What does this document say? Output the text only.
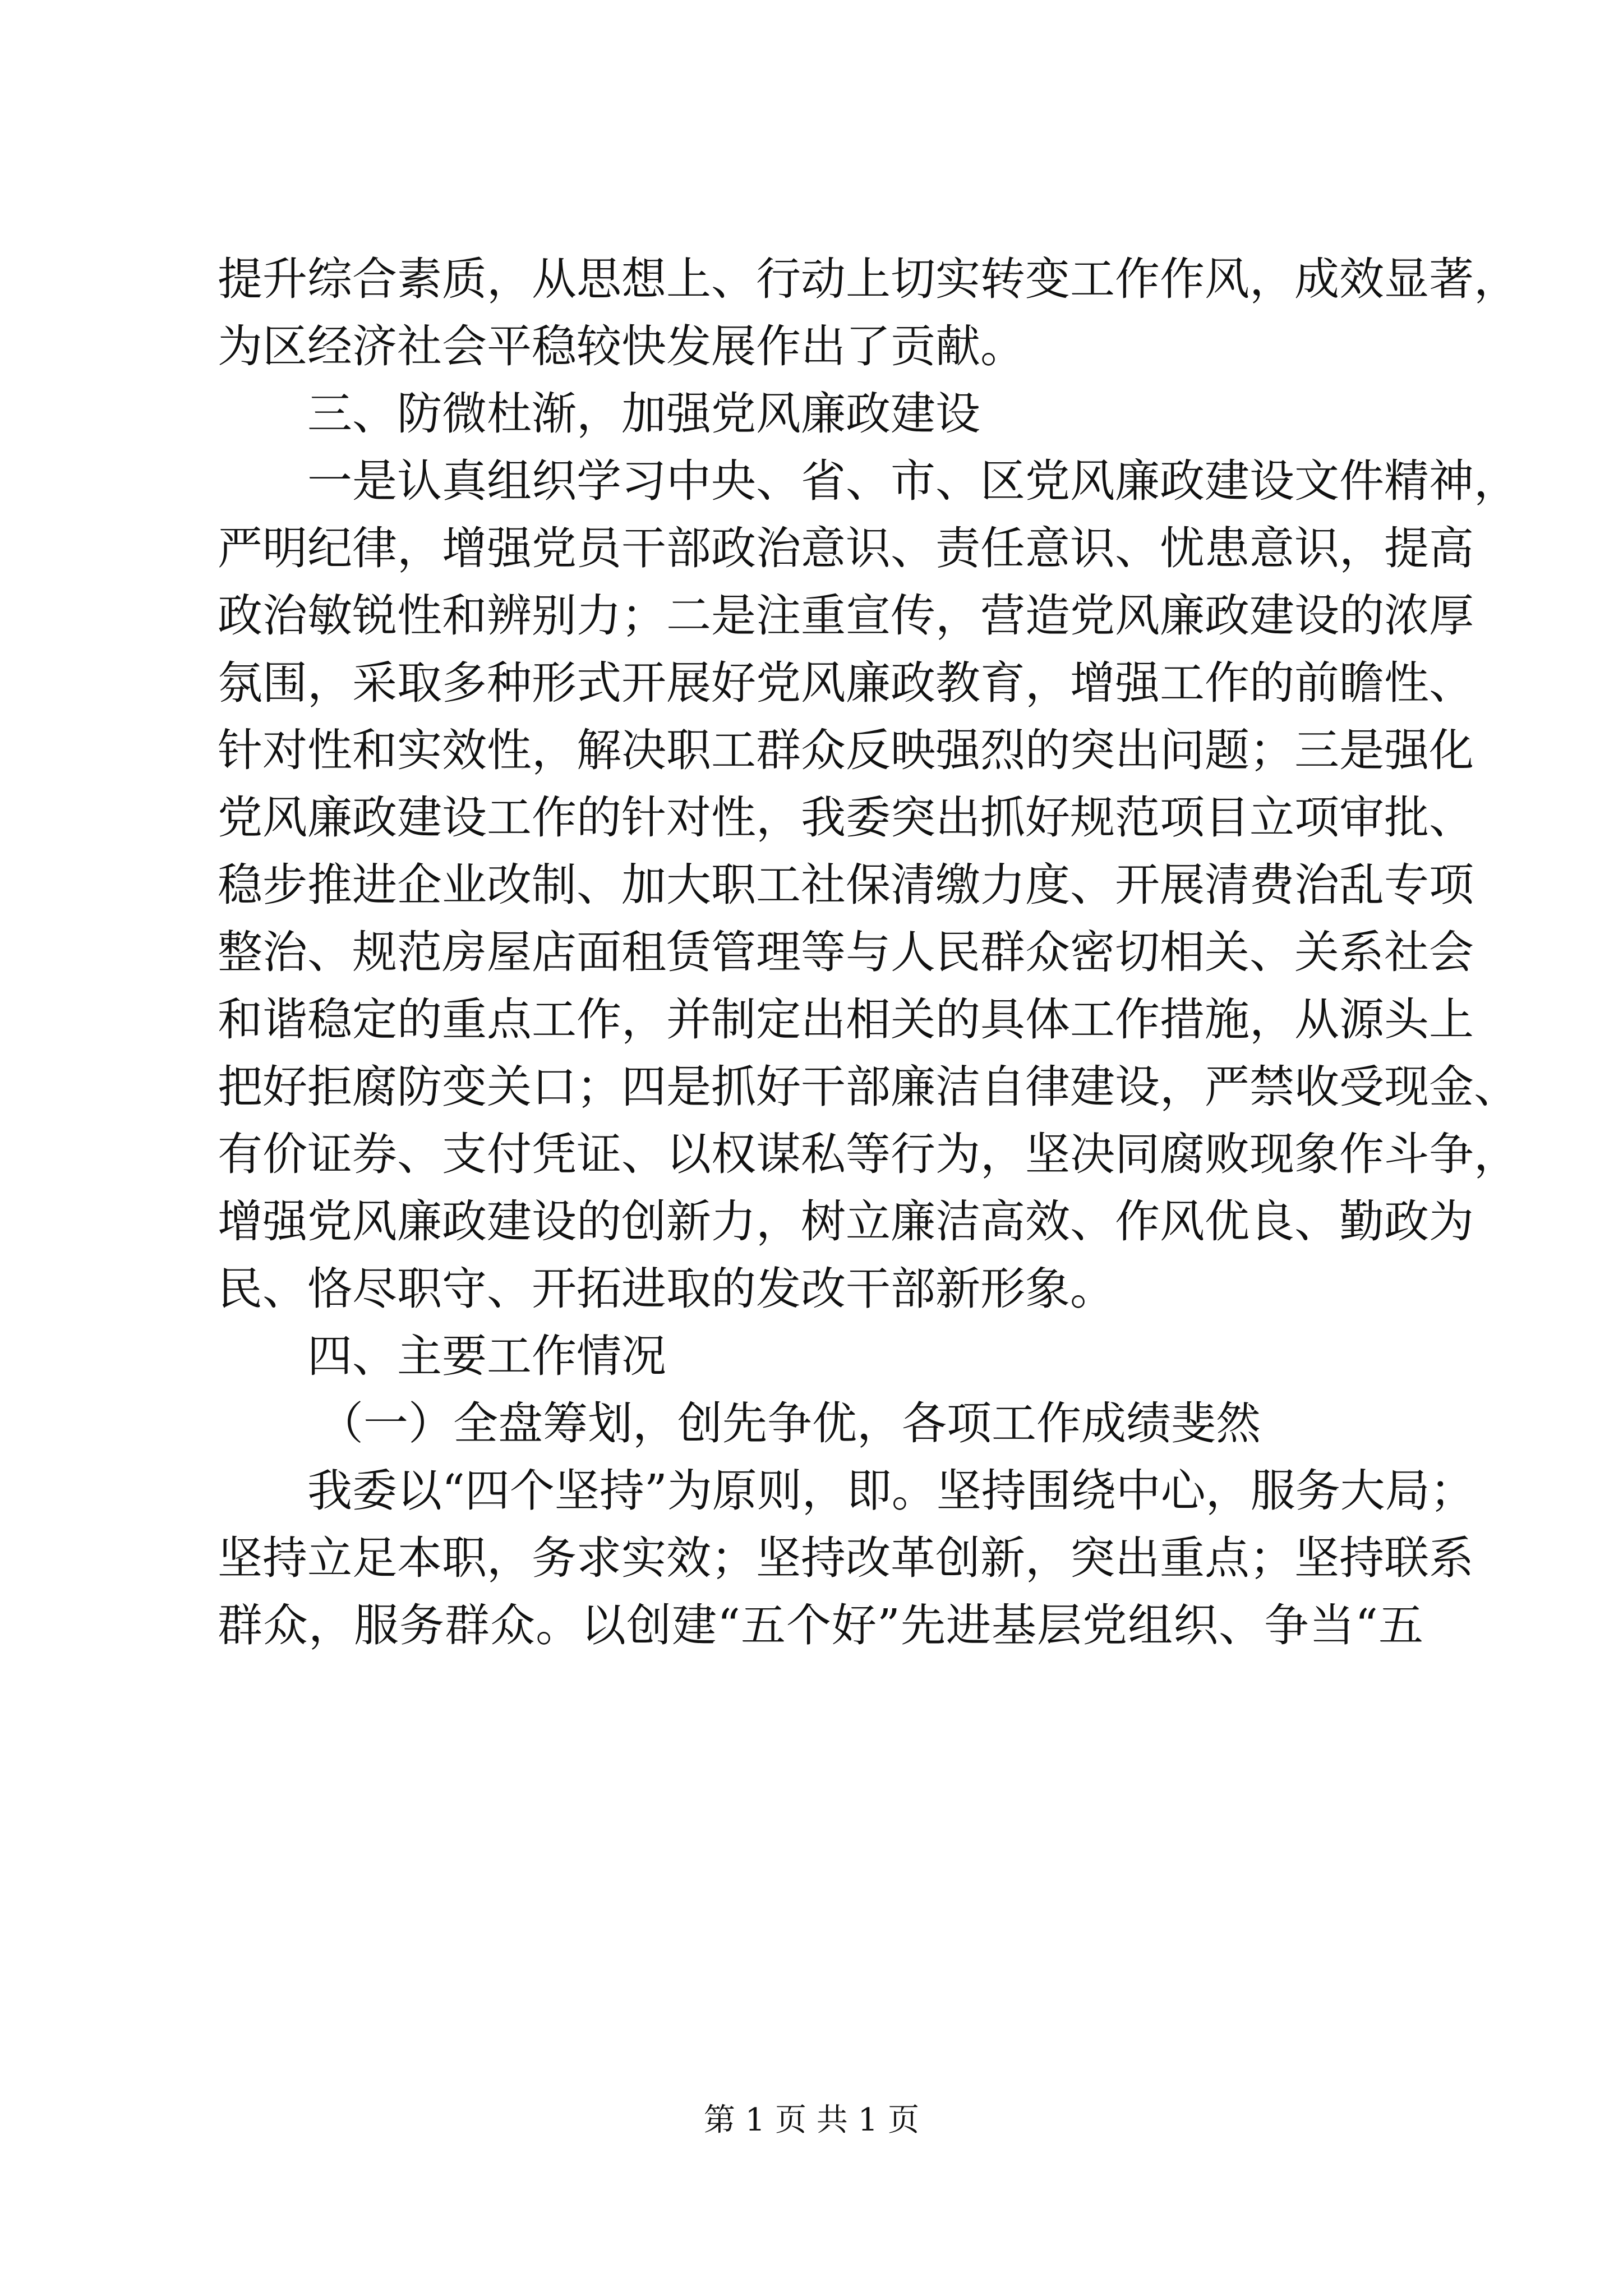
提升综合素质，从思想上、行动上切实转变工作作风，成效显著，
为区经济社会平稳较快发展作出了贡献。
三、防微杜渐，加强党风廉政建设
一是认真组织学习中央、省、市、区党风廉政建设文件精神，
严明纪律，增强党员干部政治意识、责任意识、忧患意识，提高
政治敏锐性和辨别力；二是注重宣传，营造党风廉政建设的浓厚
氛围，采取多种形式开展好党风廉政教育，增强工作的前瞻性、
针对性和实效性，解决职工群众反映强烈的突出问题；三是强化
党风廉政建设工作的针对性，我委突出抓好规范项目立项审批、
稳步推进企业改制、加大职工社保清缴力度、开展清费治乱专项
整治、规范房屋店面租赁管理等与人民群众密切相关、关系社会
和谐稳定的重点工作，并制定出相关的具体工作措施，从源头上
把好拒腐防变关口；四是抓好干部廉洁自律建设，严禁收受现金、
有价证券、支付凭证、以权谋私等行为，坚决同腐败现象作斗争，
增强党风廉政建设的创新力，树立廉洁高效、作风优良、勤政为
民、恪尽职守、开拓进取的发改干部新形象。
四、主要工作情况
（一）全盘筹划，创先争优，各项工作成绩斐然
我委以“四个坚持”为原则，即。坚持围绕中心，服务大局；
坚持立足本职，务求实效；坚持改革创新，突出重点；坚持联系
群众，服务群众。以创建“五个好”先进基层党组织、争当“五
第 1 页 共 1 页
